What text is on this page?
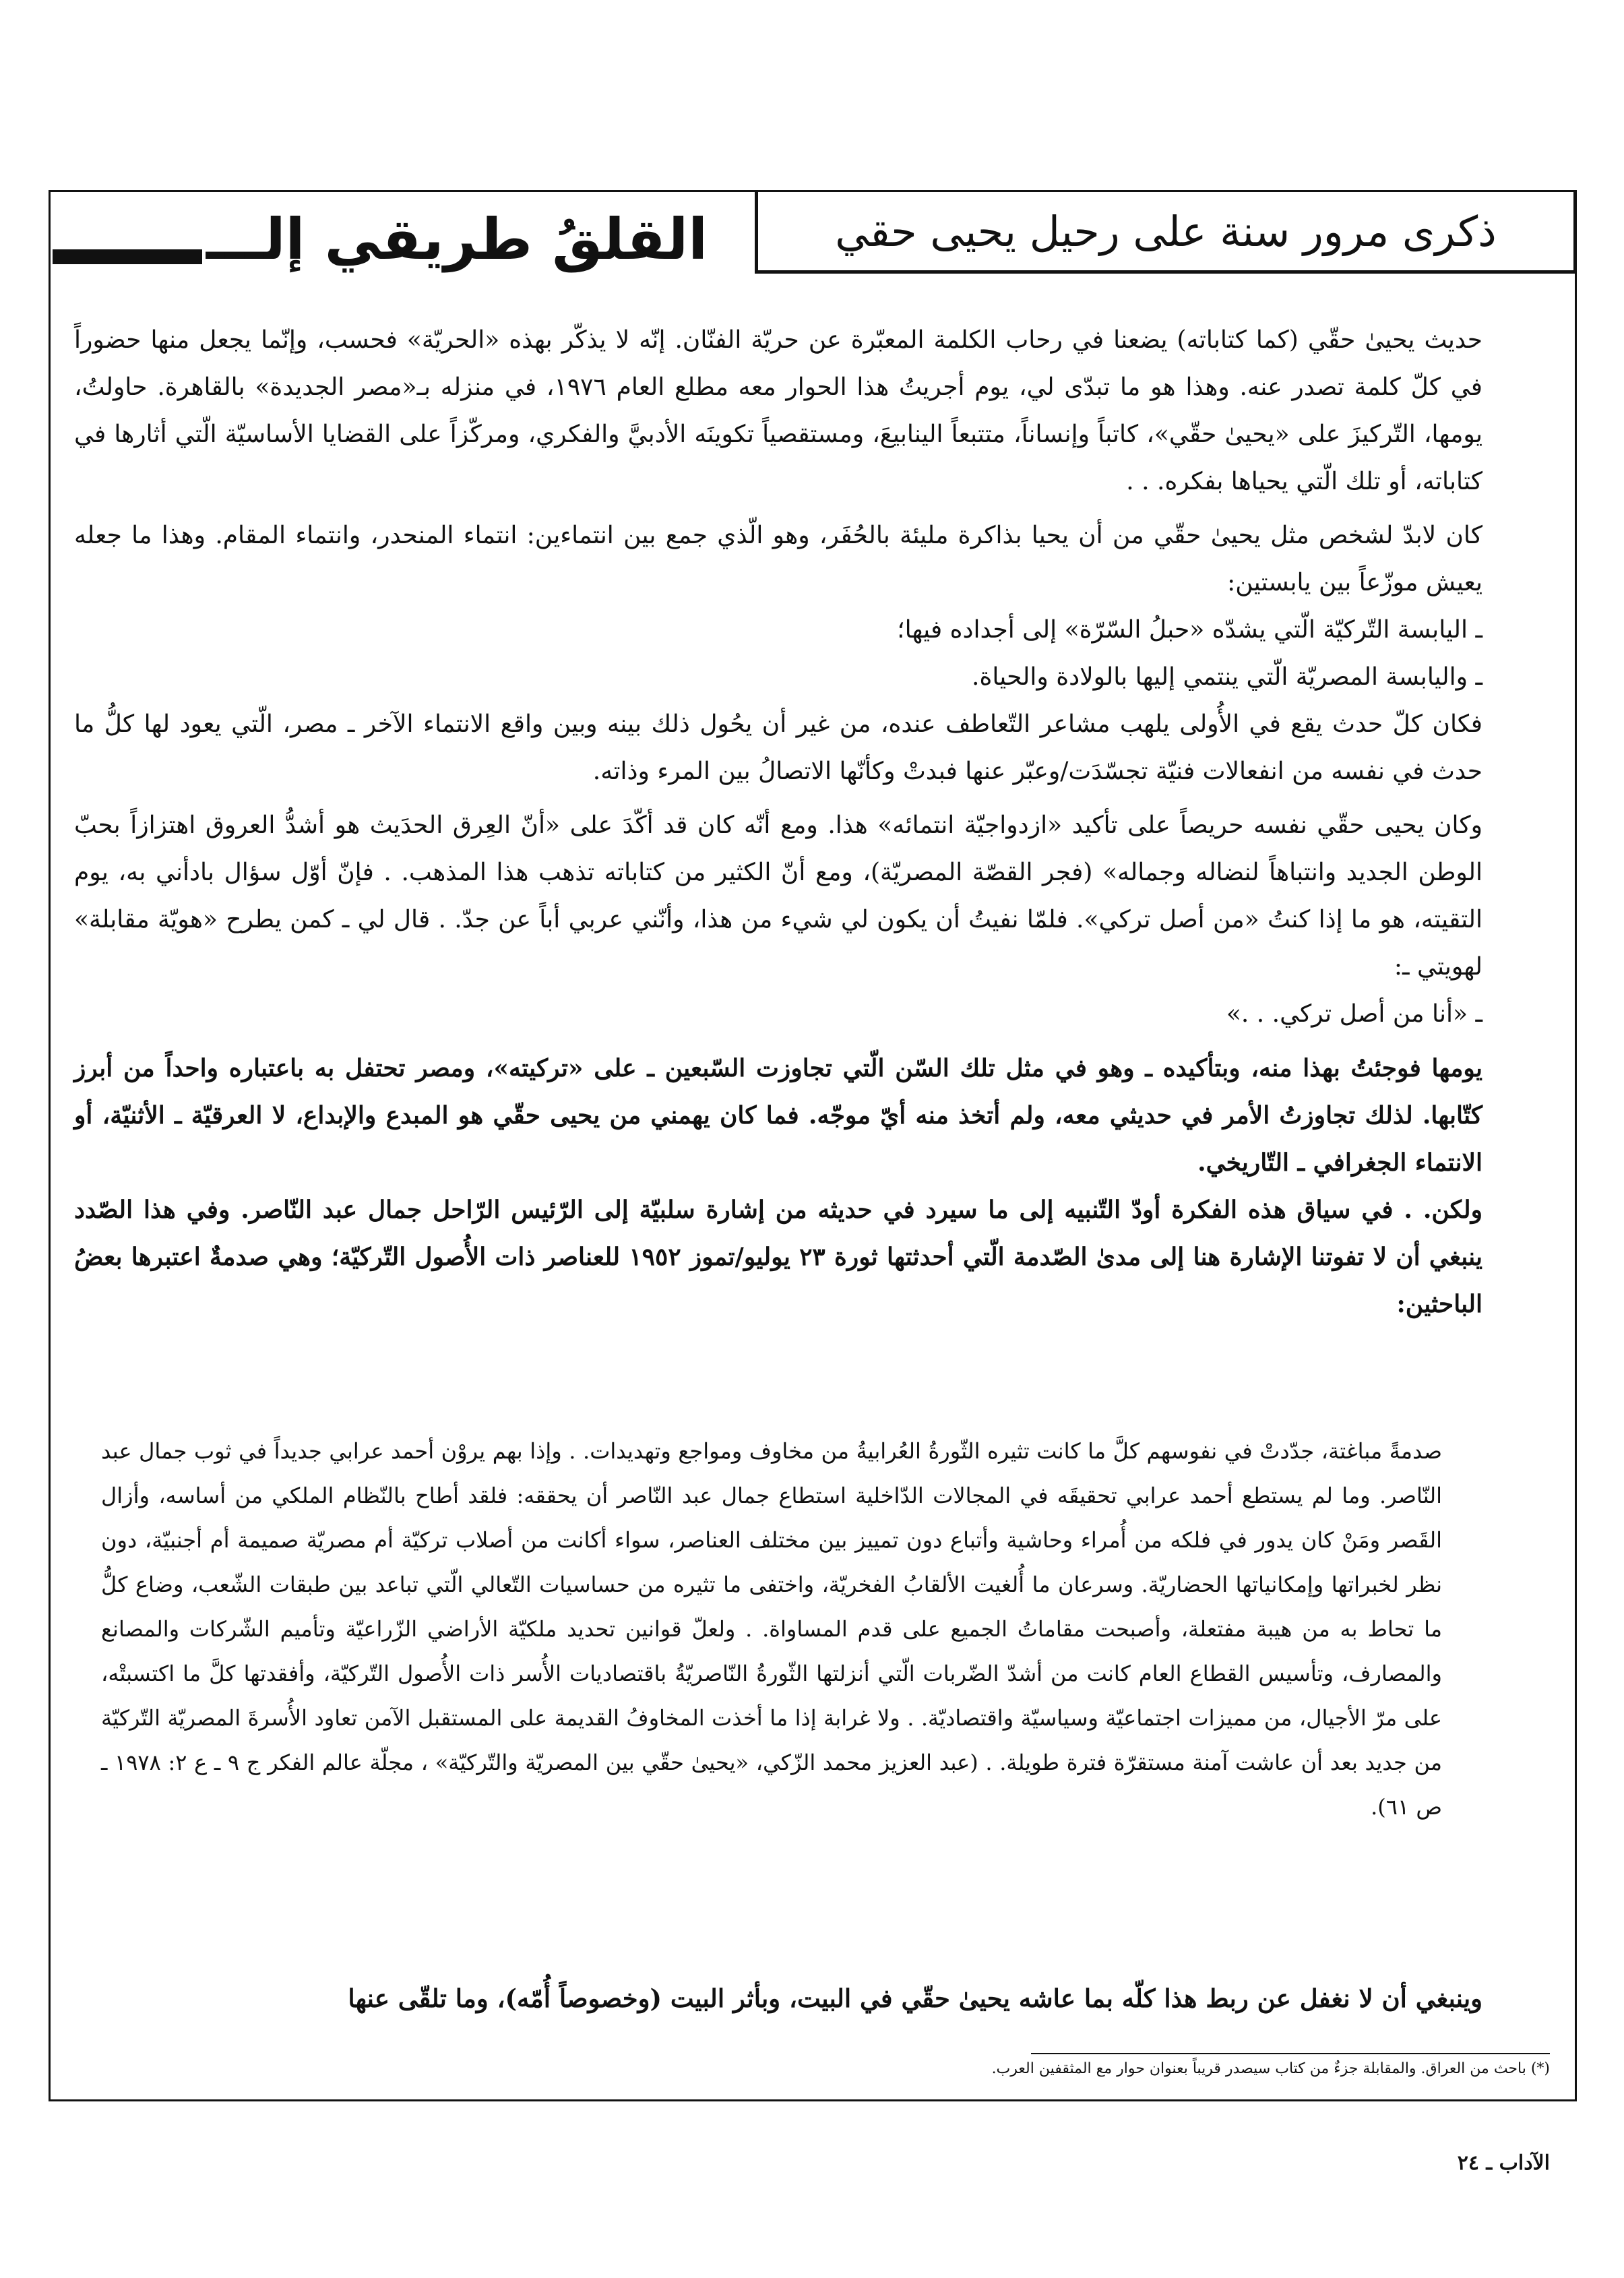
ذكرى مرور سنة على رحيل يحيى حقي
القلقُ طريقي إلـــ

حديث يحيىٰ حقّي (كما كتاباته) يضعنا في رحاب الكلمة المعبّرة عن حريّة الفنّان. إنّه لا يذكّر بهذه «الحريّة» فحسب، وإنّما يجعل منها حضوراً في كلّ كلمة تصدر عنه. وهذا هو ما تبدّى لي، يوم أجريتُ هذا الحوار معه مطلع العام ١٩٧٦، في منزله بـ«مصر الجديدة» بالقاهرة. حاولتُ، يومها، التّركيزَ على «يحيىٰ حقّي»، كاتباً وإنساناً، متتبعاً الينابيعَ، ومستقصياً تكوينَه الأدبيَّ والفكري، ومركّزاً على القضايا الأساسيّة الّتي أثارها في كتاباته، أو تلك الّتي يحياها بفكره. . .

كان لابدّ لشخص مثل يحيىٰ حقّي من أن يحيا بذاكرة مليئة بالحُفَر، وهو الّذي جمع بين انتماءين: انتماء المنحدر، وانتماء المقام. وهذا ما جعله يعيش موزّعاً بين يابستين:

ـ اليابسة التّركيّة الّتي يشدّه «حبلُ السّرّة» إلى أجداده فيها؛

ـ واليابسة المصريّة الّتي ينتمي إليها بالولادة والحياة.

فكان كلّ حدث يقع في الأُولى يلهب مشاعر التّعاطف عنده، من غير أن يحُول ذلك بينه وبين واقع الانتماء الآخر ـ مصر، الّتي يعود لها كلُّ ما حدث في نفسه من انفعالات فنيّة تجسّدَت/وعبّر عنها فبدتْ وكأنّها الاتصالُ بين المرء وذاته.

وكان يحيى حقّي نفسه حريصاً على تأكيد «ازدواجيّة انتمائه» هذا. ومع أنّه كان قد أكّدَ على «أنّ العِرق الحدَيث هو أشدُّ العروق اهتزازاً بحبّ الوطن الجديد وانتباهاً لنضاله وجماله» (فجر القصّة المصريّة)، ومع أنّ الكثير من كتاباته تذهب هذا المذهب. . فإنّ أوّل سؤال بادأني به، يوم التقيته، هو ما إذا كنتُ «من أصل تركي». فلمّا نفيتُ أن يكون لي شيء من هذا، وأنّني عربي أباً عن جدّ. . قال لي ـ كمن يطرح «هويّة مقابلة» لهويتي ـ:

ـ «أنا من أصل تركي. . .»

يومها فوجئتُ بهذا منه، وبتأكيده ـ وهو في مثل تلك السّن الّتي تجاوزت السّبعين ـ على «تركيته»، ومصر تحتفل به باعتباره واحداً من أبرز كتّابها. لذلك تجاوزتُ الأمر في حديثي معه، ولم أتخذ منه أيّ موجّه. فما كان يهمني من يحيى حقّي هو المبدع والإبداع، لا العرقيّة ـ الأثنيّة، أو الانتماء الجغرافي ـ التّاريخي.

ولكن. . في سياق هذه الفكرة أودّ التّنبيه إلى ما سيرد في حديثه من إشارة سلبيّة إلى الرّئيس الرّاحل جمال عبد النّاصر. وفي هذا الصّدد ينبغي أن لا تفوتنا الإشارة هنا إلى مدىٰ الصّدمة الّتي أحدثتها ثورة ٢٣ يوليو/تموز ١٩٥٢ للعناصر ذات الأُصول التّركيّة؛ وهي صدمةٌ اعتبرها بعضُ الباحثين:

صدمةً مباغتة، جدّدتْ في نفوسهم كلَّ ما كانت تثيره الثّورةُ العُرابيةُ من مخاوف ومواجع وتهديدات. . وإذا بهم يروْن أحمد عرابي جديداً في ثوب جمال عبد النّاصر. وما لم يستطع أحمد عرابي تحقيقَه في المجالات الدّاخلية استطاع جمال عبد النّاصر أن يحققه: فلقد أطاح بالنّظام الملكي من أساسه، وأزال القَصر ومَنْ كان يدور في فلكه من أُمراء وحاشية وأتباع دون تمييز بين مختلف العناصر، سواء أكانت من أصلاب تركيّة أم مصريّة صميمة أم أجنبيّة، دون نظر لخبراتها وإمكانياتها الحضاريّة. وسرعان ما أُلغيت الألقابُ الفخريّة، واختفى ما تثيره من حساسيات التّعالي الّتي تباعد بين طبقات الشّعب، وضاع كلُّ ما تحاط به من هيبة مفتعلة، وأصبحت مقاماتُ الجميع على قدم المساواة. . ولعلّ قوانين تحديد ملكيّة الأراضي الزّراعيّة وتأميم الشّركات والمصانع والمصارف، وتأسيس القطاع العام كانت من أشدّ الضّربات الّتي أنزلتها الثّورةُ النّاصريّةُ باقتصاديات الأُسر ذات الأُصول التّركيّة، وأفقدتها كلَّ ما اكتسبتْه، على مرّ الأجيال، من مميزات اجتماعيّة وسياسيّة واقتصاديّة. . ولا غرابة إذا ما أخذت المخاوفُ القديمة على المستقبل الآمن تعاود الأُسرةَ المصريّة التّركيّة من جديد بعد أن عاشت آمنة مستقرّة فترة طويلة. . (عبد العزيز محمد الزّكي، «يحيىٰ حقّي بين المصريّة والتّركيّة» ، مجلّة عالم الفكر ج ٩ ـ ع ٢: ١٩٧٨ ـ ص ٦١).

وينبغي أن لا نغفل عن ربط هذا كلّه بما عاشه يحيىٰ حقّي في البيت، وبأثر البيت (وخصوصاً أُمّه)، وما تلقّى عنها
(*) باحث من العراق. والمقابلة جزءٌ من كتاب سيصدر قريباً بعنوان حوار مع المثقفين العرب.
الآداب ـ ٢٤
